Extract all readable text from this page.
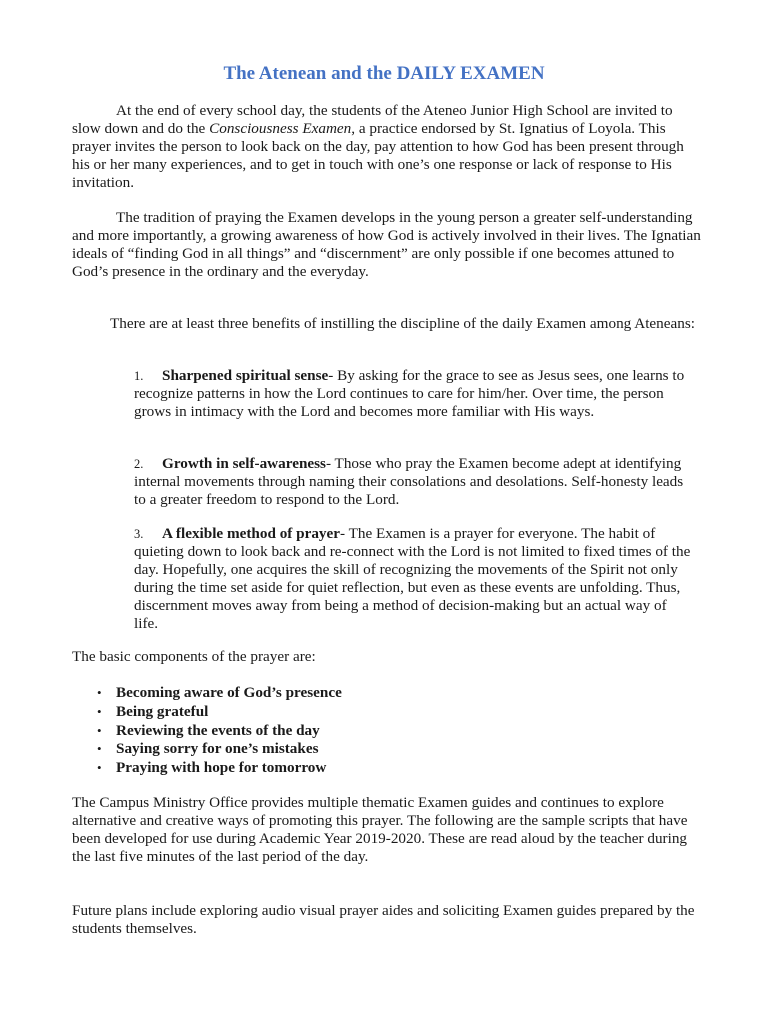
The Atenean and the DAILY EXAMEN

At the end of every school day, the students of the Ateneo Junior High School are invited to slow down and do the Consciousness Examen, a practice endorsed by St. Ignatius of Loyola. This prayer invites the person to look back on the day, pay attention to how God has been present through his or her many experiences, and to get in touch with one’s one response or lack of response to His invitation.

The tradition of praying the Examen develops in the young person a greater self-understanding and more importantly, a growing awareness of how God is actively involved in their lives. The Ignatian ideals of “finding God in all things” and “discernment” are only possible if one becomes attuned to God’s presence in the ordinary and the everyday.

There are at least three benefits of instilling the discipline of the daily Examen among Ateneans:

1. Sharpened spiritual sense- By asking for the grace to see as Jesus sees, one learns to recognize patterns in how the Lord continues to care for him/her. Over time, the person grows in intimacy with the Lord and becomes more familiar with His ways.

2. Growth in self-awareness- Those who pray the Examen become adept at identifying internal movements through naming their consolations and desolations. Self-honesty leads to a greater freedom to respond to the Lord.

3. A flexible method of prayer- The Examen is a prayer for everyone. The habit of quieting down to look back and re-connect with the Lord is not limited to fixed times of the day. Hopefully, one acquires the skill of recognizing the movements of the Spirit not only during the time set aside for quiet reflection, but even as these events are unfolding. Thus, discernment moves away from being a method of decision-making but an actual way of life.

The basic components of the prayer are:

• Becoming aware of God’s presence
• Being grateful
• Reviewing the events of the day
• Saying sorry for one’s mistakes
• Praying with hope for tomorrow

The Campus Ministry Office provides multiple thematic Examen guides and continues to explore alternative and creative ways of promoting this prayer. The following are the sample scripts that have been developed for use during Academic Year 2019-2020. These are read aloud by the teacher during the last five minutes of the last period of the day.

Future plans include exploring audio visual prayer aides and soliciting Examen guides prepared by the students themselves.
